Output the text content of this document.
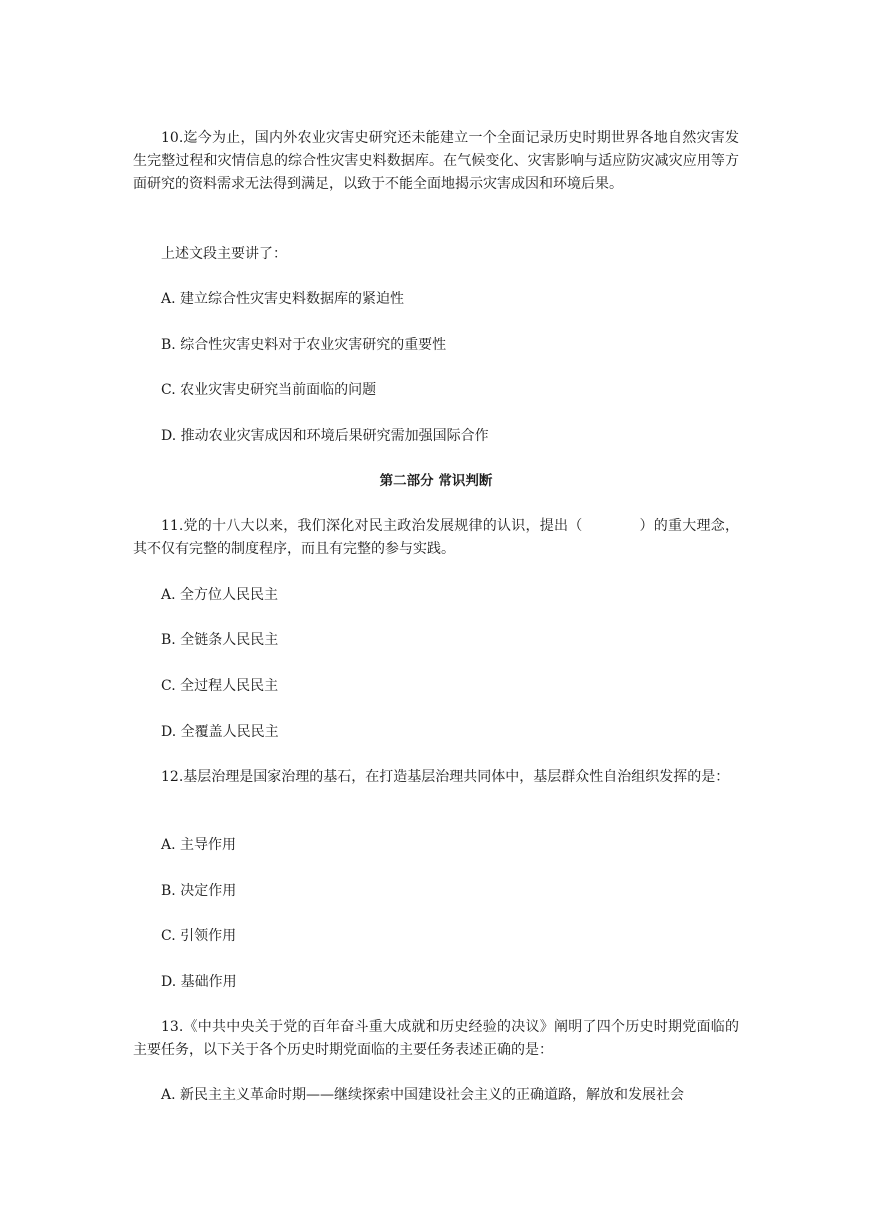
10.迄今为止，国内外农业灾害史研究还未能建立一个全面记录历史时期世界各地自然灾害发生完整过程和灾情信息的综合性灾害史料数据库。在气候变化、灾害影响与适应防灾减灾应用等方面研究的资料需求无法得到满足，以致于不能全面地揭示灾害成因和环境后果。

上述文段主要讲了：

A. 建立综合性灾害史料数据库的紧迫性

B. 综合性灾害史料对于农业灾害研究的重要性

C. 农业灾害史研究当前面临的问题

D. 推动农业灾害成因和环境后果研究需加强国际合作

第二部分 常识判断

11.党的十八大以来，我们深化对民主政治发展规律的认识，提出（　　　　）的重大理念，其不仅有完整的制度程序，而且有完整的参与实践。

A. 全方位人民民主

B. 全链条人民民主

C. 全过程人民民主

D. 全覆盖人民民主

12.基层治理是国家治理的基石，在打造基层治理共同体中，基层群众性自治组织发挥的是：

A. 主导作用

B. 决定作用

C. 引领作用

D. 基础作用

13.《中共中央关于党的百年奋斗重大成就和历史经验的决议》阐明了四个历史时期党面临的主要任务，以下关于各个历史时期党面临的主要任务表述正确的是：

A. 新民主主义革命时期——继续探索中国建设社会主义的正确道路，解放和发展社会
